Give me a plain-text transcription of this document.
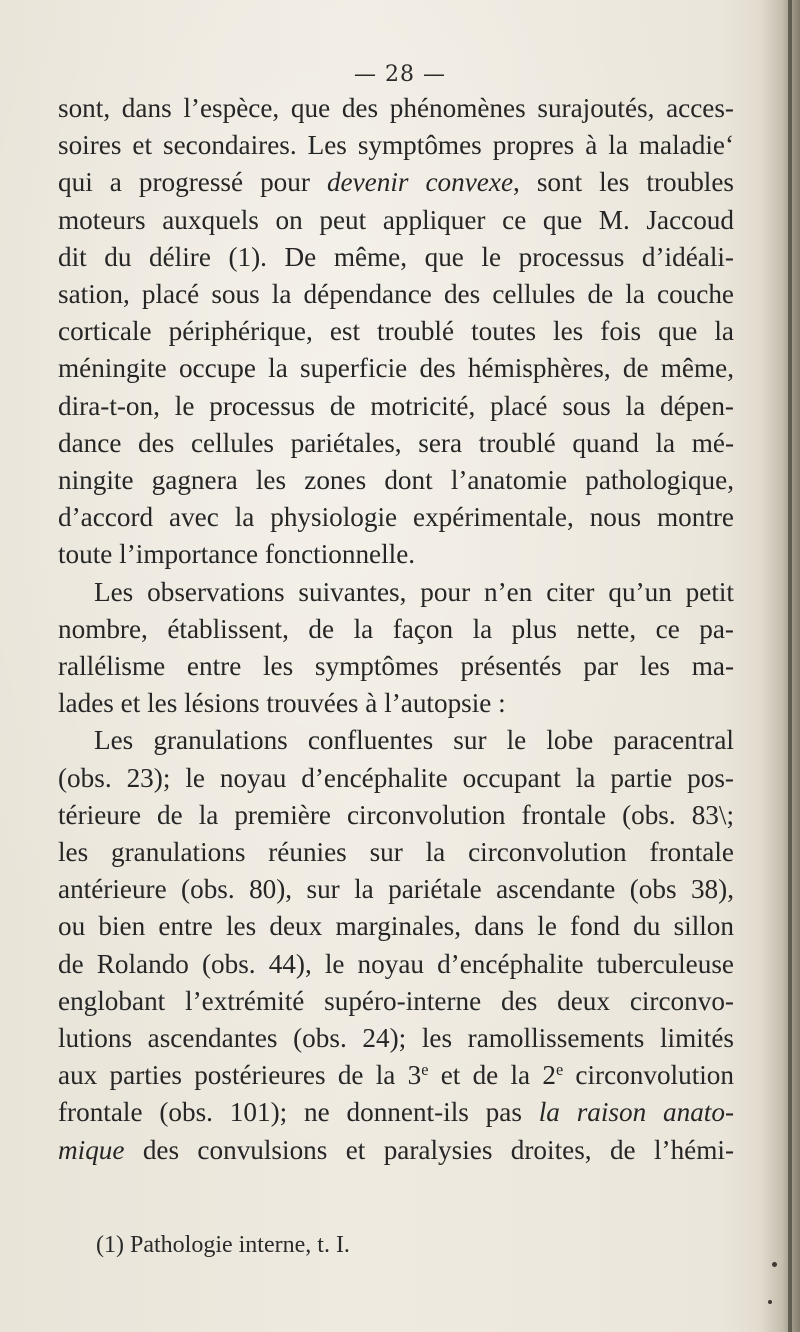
— 28 —
sont, dans l’espèce, que des phénomènes surajoutés, acces-
soires et secondaires. Les symptômes propres à la maladie‘
qui a progressé pour devenir convexe, sont les troubles
moteurs auxquels on peut appliquer ce que M. Jaccoud
dit du délire (1). De même, que le processus d’idéali-
sation, placé sous la dépendance des cellules de la couche
corticale périphérique, est troublé toutes les fois que la
méningite occupe la superficie des hémisphères, de même,
dira-t-on, le processus de motricité, placé sous la dépen-
dance des cellules pariétales, sera troublé quand la mé-
ningite gagnera les zones dont l’anatomie pathologique,
d’accord avec la physiologie expérimentale, nous montre
toute l’importance fonctionnelle.
Les observations suivantes, pour n’en citer qu’un petit
nombre, établissent, de la façon la plus nette, ce pa-
rallélisme entre les symptômes présentés par les ma-
lades et les lésions trouvées à l’autopsie :
Les granulations confluentes sur le lobe paracentral
(obs. 23); le noyau d’encéphalite occupant la partie pos-
térieure de la première circonvolution frontale (obs. 83\;
les granulations réunies sur la circonvolution frontale
antérieure (obs. 80), sur la pariétale ascendante (obs 38),
ou bien entre les deux marginales, dans le fond du sillon
de Rolando (obs. 44), le noyau d’encéphalite tuberculeuse
englobant l’extrémité supéro-interne des deux circonvo-
lutions ascendantes (obs. 24); les ramollissements limités
aux parties postérieures de la 3e et de la 2e circonvolution
frontale (obs. 101); ne donnent-ils pas la raison anato-
mique des convulsions et paralysies droites, de l’hémi-
(1) Pathologie interne, t. I.
